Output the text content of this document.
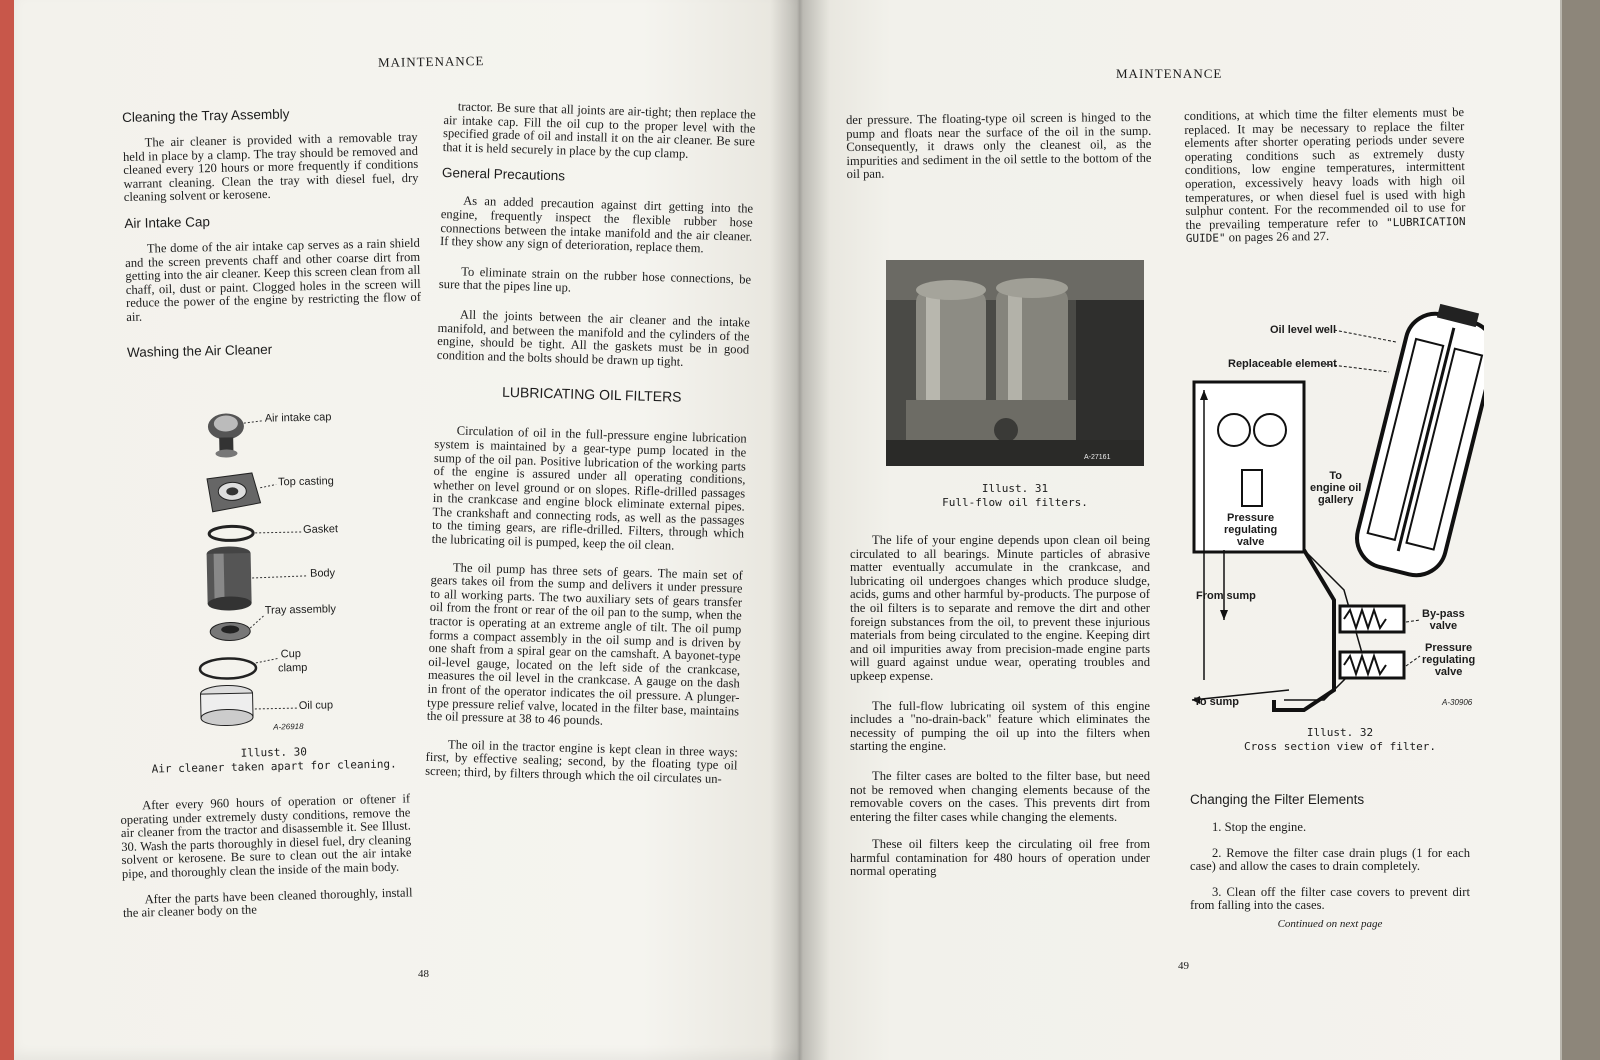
MAINTENANCE
Cleaning the Tray Assembly

The air cleaner is provided with a removable tray held in place by a clamp. The tray should be removed and cleaned every 120 hours or more frequently if conditions warrant cleaning. Clean the tray with diesel fuel, dry cleaning solvent or kerosene.

Air Intake Cap

The dome of the air intake cap serves as a rain shield and the screen prevents chaff and other coarse dirt from getting into the air cleaner. Keep this screen clean from all chaff, oil, dust or paint. Clogged holes in the screen will reduce the power of the engine by restricting the flow of air.

Washing the Air Cleaner
Air intake cap
Top casting
Gasket
Body
Tray assembly
Cup
clamp
Oil cup
A-26918
Illust. 30
Air cleaner taken apart for cleaning.

After every 960 hours of operation or oftener if operating under extremely dusty conditions, remove the air cleaner from the tractor and disassemble it. See Illust. 30. Wash the parts thoroughly in diesel fuel, dry cleaning solvent or kerosene. Be sure to clean out the air intake pipe, and thoroughly clean the inside of the main body.

After the parts have been cleaned thoroughly, install the air cleaner body on the

tractor. Be sure that all joints are air-tight; then replace the air intake cap. Fill the oil cup to the proper level with the specified grade of oil and install it on the air cleaner. Be sure that it is held securely in place by the cup clamp.

General Precautions

As an added precaution against dirt getting into the engine, frequently inspect the flexible rubber hose connections between the intake manifold and the air cleaner. If they show any sign of deterioration, replace them.

To eliminate strain on the rubber hose connections, be sure that the pipes line up.

All the joints between the air cleaner and the intake manifold, and between the manifold and the cylinders of the engine, should be tight. All the gaskets must be in good condition and the bolts should be drawn up tight.

LUBRICATING OIL FILTERS

Circulation of oil in the full-pressure engine lubrication system is maintained by a gear-type pump located in the sump of the oil pan. Positive lubrication of the working parts of the engine is assured under all operating conditions, whether on level ground or on slopes. Rifle-drilled passages in the crankcase and engine block eliminate external pipes. The crankshaft and connecting rods, as well as the passages to the timing gears, are rifle-drilled. Filters, through which the lubricating oil is pumped, keep the oil clean.

The oil pump has three sets of gears. The main set of gears takes oil from the sump and delivers it under pressure to all working parts. The two auxiliary sets of gears transfer oil from the front or rear of the oil pan to the sump, when the tractor is operating at an extreme angle of tilt. The oil pump forms a compact assembly in the oil sump and is driven by one shaft from a spiral gear on the camshaft. A bayonet-type oil-level gauge, located on the left side of the crankcase, measures the oil level in the crankcase. A gauge on the dash in front of the operator indicates the oil pressure. A plunger-type pressure relief valve, located in the filter base, maintains the oil pressure at 38 to 46 pounds.

The oil in the tractor engine is kept clean in three ways: first, by effective sealing; second, by the floating type oil screen; third, by filters through which the oil circulates un-

48
MAINTENANCE

der pressure. The floating-type oil screen is hinged to the pump and floats near the surface of the oil in the sump. Consequently, it draws only the cleanest oil, as the impurities and sediment in the oil settle to the bottom of the oil pan.

A-27161
Illust. 31
Full-flow oil filters.

The life of your engine depends upon clean oil being circulated to all bearings. Minute particles of abrasive matter eventually accumulate in the crankcase, and lubricating oil undergoes changes which produce sludge, acids, gums and other harmful by-products. The purpose of the oil filters is to separate and remove the dirt and other foreign substances from the oil, to prevent these injurious materials from being circulated to the engine. Keeping dirt and oil impurities away from precision-made engine parts will guard against undue wear, operating troubles and upkeep expense.

The full-flow lubricating oil system of this engine includes a "no-drain-back" feature which eliminates the necessity of pumping the oil up into the filters when starting the engine.

The filter cases are bolted to the filter base, but need not be removed when changing elements because of the removable covers on the cases. This prevents dirt from entering the filter cases while changing the elements.

These oil filters keep the circulating oil free from harmful contamination for 480 hours of operation under normal operating

conditions, at which time the filter elements must be replaced. It may be necessary to replace the filter elements after shorter operating periods under severe operating conditions such as extremely dusty conditions, low engine temperatures, intermittent operation, excessively heavy loads with high oil temperatures, or when diesel fuel is used with high sulphur content. For the recommended oil to use for the prevailing temperature refer to "LUBRICATION GUIDE" on pages 26 and 27.

Oil level well
Replaceable element
To
engine oil
gallery
Pressure
regulating
valve
From sump
By-pass
valve
Pressure
regulating
valve
To sump	A-30906
Illust. 32
Cross section view of filter.
Changing the Filter Elements

1. Stop the engine.

2. Remove the filter case drain plugs (1 for each case) and allow the cases to drain completely.

3. Clean off the filter case covers to prevent dirt from falling into the cases.

Continued on next page
49
